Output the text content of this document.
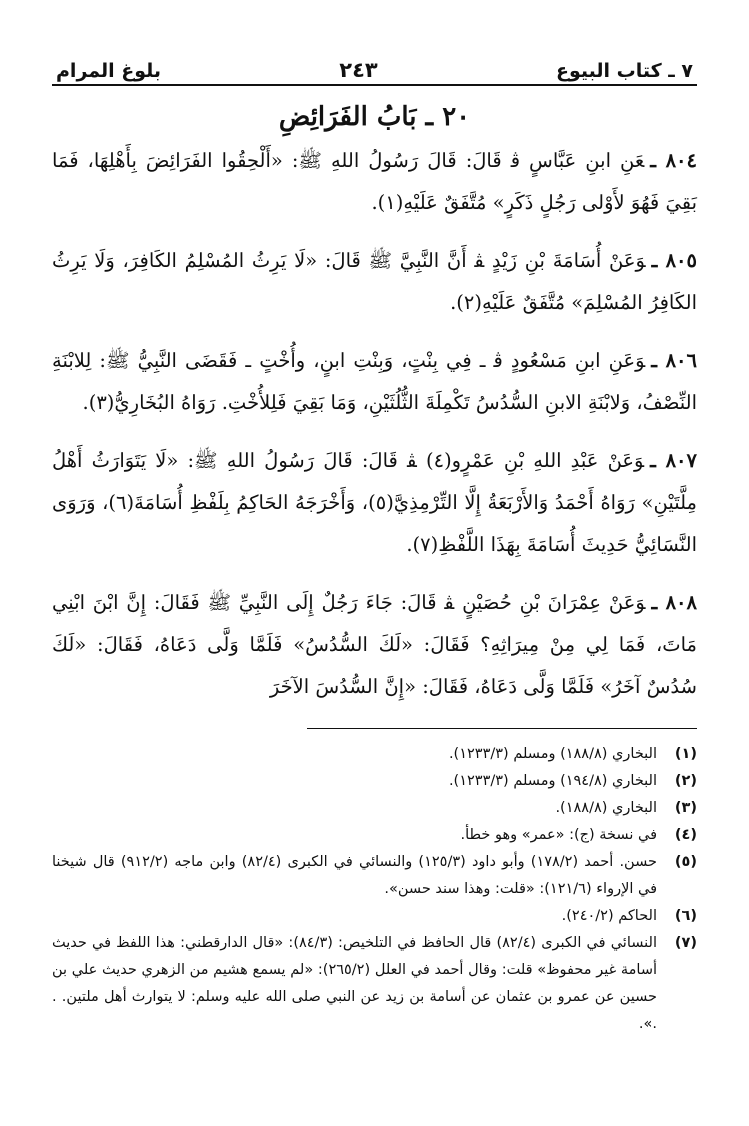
٧ ـ كتاب البيوع
٢٤٣
بلوغ المرام
٢٠ ـ بَابُ الفَرَائِضِ

٨٠٤ ـعَنِ ابنِ عَبَّاسٍ ﭬ قَالَ: قَالَ رَسُولُ اللهِ ﷺ: «أَلْحِقُوا الفَرَائِضَ بِأَهْلِهَا، فَمَا بَقِيَ فَهُوَ لأَوْلى رَجُلٍ ذَكَرٍ» مُتَّفَقٌ عَلَيْهِ(١).

٨٠٥ ـوَعَنْ أُسَامَةَ بْنِ زَيْدٍ ﭭ أَنَّ النَّبِيَّ ﷺ قَالَ: «لَا يَرِثُ المُسْلِمُ الكَافِرَ، وَلَا يَرِثُ الكَافِرُ المُسْلِمَ» مُتَّفَقٌ عَلَيْهِ(٢).

٨٠٦ ـوَعَنِ ابنِ مَسْعُودٍ ﭬ ـ فِي بِنْتٍ، وَبِنْتِ ابنٍ، وأُخْتٍ ـ فَقَضَى النَّبِيُّ ﷺ: لِلابْنَةِ النِّصْفُ، وَلابْنَةِ الابنِ السُّدُسُ تَكْمِلَةَ الثُّلُثَيْنِ، وَمَا بَقِيَ فَلِلأُخْتِ. رَوَاهُ البُخَارِيُّ(٣).

٨٠٧ ـوَعَنْ عَبْدِ اللهِ بْنِ عَمْرٍو(٤) ﭭ قَالَ: قَالَ رَسُولُ اللهِ ﷺ: «لَا يَتَوَارَثُ أَهْلُ مِلَّتَيْنِ» رَوَاهُ أَحْمَدُ وَالأَرْبَعَةُ إِلَّا التِّرْمِذِيَّ(٥)، وَأَخْرَجَهُ الحَاكِمُ بِلَفْظِ أُسَامَةَ(٦)، وَرَوَى النَّسَائِيُّ حَدِيثَ أُسَامَةَ بِهَذَا اللَّفْظِ(٧).

٨٠٨ ـوَعَنْ عِمْرَانَ بْنِ حُصَيْنٍ ﭭ قَالَ: جَاءَ رَجُلٌ إِلَى النَّبِيِّ ﷺ فَقَالَ: إِنَّ ابْنَ ابْنِي مَاتَ، فَمَا لِي مِنْ مِيرَاثِهِ؟ فَقَالَ: «لَكَ السُّدُسُ» فَلَمَّا وَلَّى دَعَاهُ، فَقَالَ: «لَكَ سُدُسٌ آخَرُ» فَلَمَّا وَلَّى دَعَاهُ، فَقَالَ: «إِنَّ السُّدُسَ الآخَرَ

(١)
البخاري (١٨٨/٨) ومسلم (١٢٣٣/٣).
(٢)
البخاري (١٩٤/٨) ومسلم (١٢٣٣/٣).
(٣)
البخاري (١٨٨/٨).
(٤)
في نسخة (ج): «عمر» وهو خطأ.
(٥)
حسن. أحمد (١٧٨/٢) وأبو داود (١٢٥/٣) والنسائي في الكبرى (٨٢/٤) وابن ماجه (٩١٢/٢) قال شيخنا في الإرواء (١٢١/٦): «قلت: وهذا سند حسن».
(٦)
الحاكم (٢٤٠/٢).
(٧)
النسائي في الكبرى (٨٢/٤) قال الحافظ في التلخيص: (٨٤/٣): «قال الدارقطني: هذا اللفظ في حديث أسامة غير محفوظ» قلت: وقال أحمد في العلل (٢٦٥/٢): «لم يسمع هشيم من الزهري حديث علي بن حسين عن عمرو بن عثمان عن أسامة بن زيد عن النبي صلى الله عليه وسلم: لا يتوارث أهل ملتين. . .».
